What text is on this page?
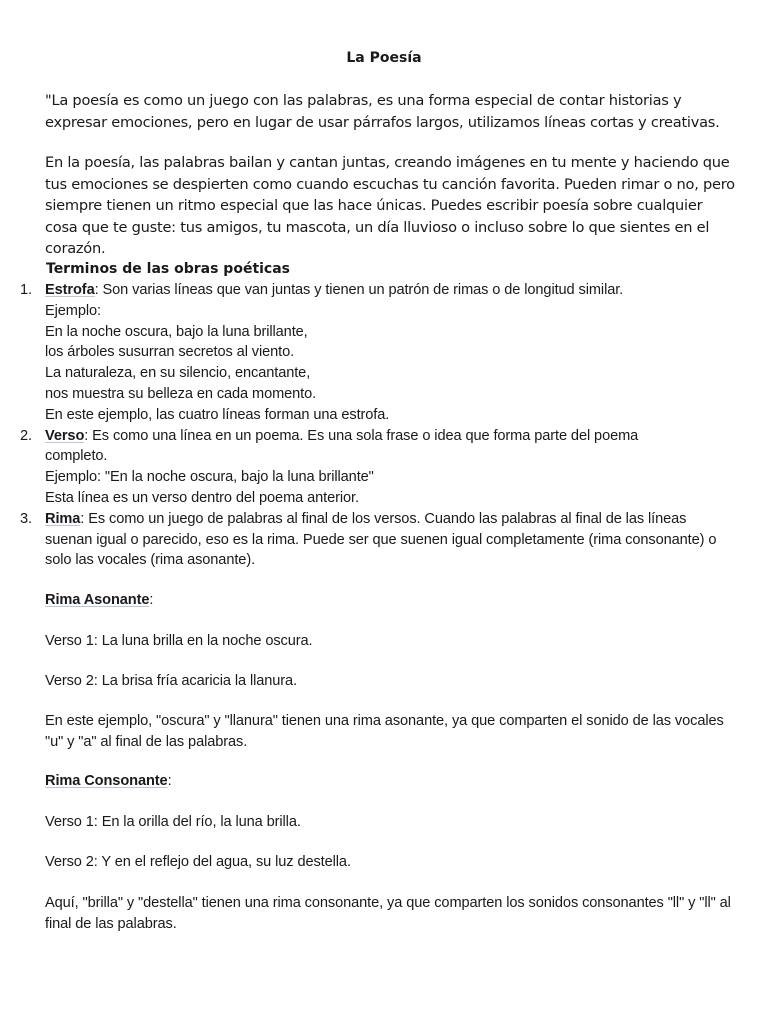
La Poesía
"La poesía es como un juego con las palabras, es una forma especial de contar historias y expresar emociones, pero en lugar de usar párrafos largos, utilizamos líneas cortas y creativas.
En la poesía, las palabras bailan y cantan juntas, creando imágenes en tu mente y haciendo que tus emociones se despierten como cuando escuchas tu canción favorita. Pueden rimar o no, pero siempre tienen un ritmo especial que las hace únicas. Puedes escribir poesía sobre cualquier cosa que te guste: tus amigos, tu mascota, un día lluvioso o incluso sobre lo que sientes en el corazón.
Terminos de las obras poéticas
1. Estrofa: Son varias líneas que van juntas y tienen un patrón de rimas o de longitud similar.
Ejemplo:
En la noche oscura, bajo la luna brillante,
los árboles susurran secretos al viento.
La naturaleza, en su silencio, encantante,
nos muestra su belleza en cada momento.
En este ejemplo, las cuatro líneas forman una estrofa.
2. Verso: Es como una línea en un poema. Es una sola frase o idea que forma parte del poema completo.
Ejemplo: "En la noche oscura, bajo la luna brillante"
Esta línea es un verso dentro del poema anterior.
3. Rima: Es como un juego de palabras al final de los versos. Cuando las palabras al final de las líneas suenan igual o parecido, eso es la rima. Puede ser que suenen igual completamente (rima consonante) o solo las vocales (rima asonante).
Rima Asonante:
Verso 1: La luna brilla en la noche oscura.
Verso 2: La brisa fría acaricia la llanura.
En este ejemplo, "oscura" y "llanura" tienen una rima asonante, ya que comparten el sonido de las vocales "u" y "a" al final de las palabras.
Rima Consonante:
Verso 1: En la orilla del río, la luna brilla.
Verso 2: Y en el reflejo del agua, su luz destella.
Aquí, "brilla" y "destella" tienen una rima consonante, ya que comparten los sonidos consonantes "ll" y "ll" al final de las palabras.
